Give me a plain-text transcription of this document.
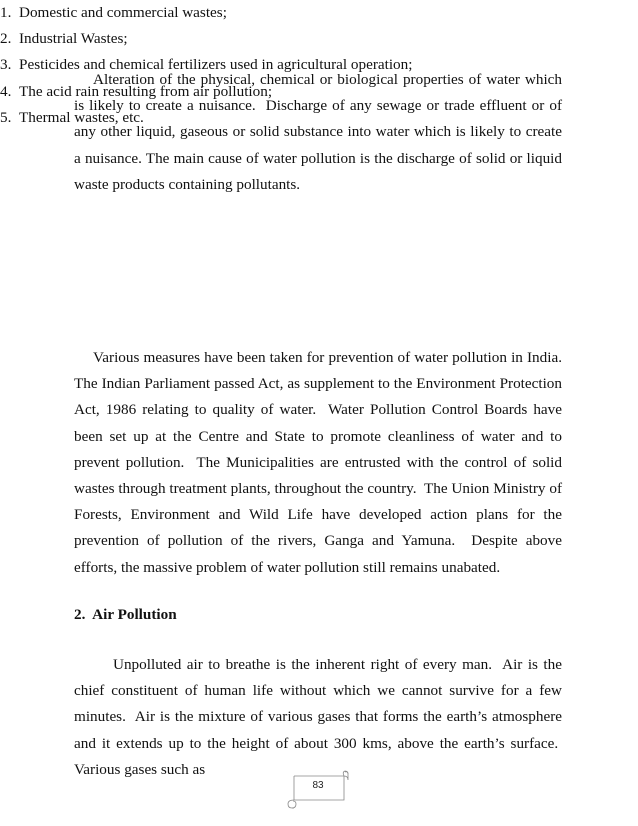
Alteration of the physical, chemical or biological properties of water which is likely to create a nuisance.  Discharge of any sewage or trade effluent or of any other liquid, gaseous or solid substance into water which is likely to create a nuisance. The main cause of water pollution is the discharge of solid or liquid waste products containing pollutants.

1. Domestic and commercial wastes;
2. Industrial Wastes;
3. Pesticides and chemical fertilizers used in agricultural operation;
4. The acid rain resulting from air pollution;
5. Thermal wastes, etc.

Various measures have been taken for prevention of water pollution in India. The Indian Parliament passed Act, as supplement to the Environment Protection Act, 1986 relating to quality of water.  Water Pollution Control Boards have been set up at the Centre and State to promote cleanliness of water and to prevent pollution.  The Municipalities are entrusted with the control of solid wastes through treatment plants, throughout the country.  The Union Ministry of Forests, Environment and Wild Life have developed action plans for the prevention of pollution of the rivers, Ganga and Yamuna.  Despite above efforts, the massive problem of water pollution still remains unabated.

2.  Air Pollution

Unpolluted air to breathe is the inherent right of every man.  Air is the chief constituent of human life without which we cannot survive for a few minutes.  Air is the mixture of various gases that forms the earth’s atmosphere and it extends up to the height of about 300 kms, above the earth’s surface.  Various gases such as

83
